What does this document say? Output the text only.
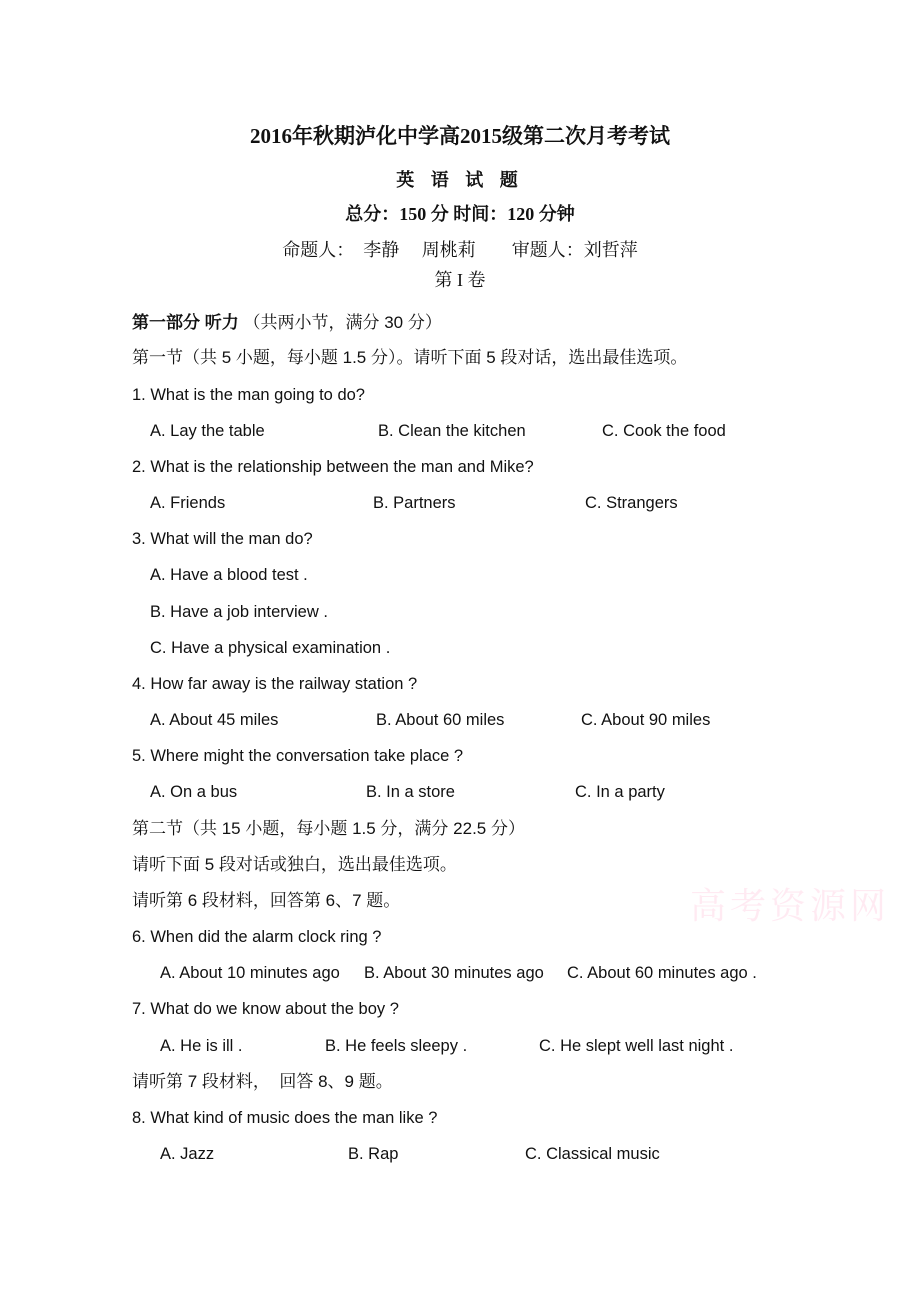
2016年秋期泸化中学高2015级第二次月考考试
英 语 试 题
总分：150 分 时间：120 分钟
命题人：  李静     周桃莉        审题人：刘哲萍
第 I 卷
第一部分 听力 （共两小节，满分 30 分）
第一节（共 5 小题，每小题 1.5 分）。请听下面 5 段对话，选出最佳选项。
1. What is the man going to do?
A. Lay the table	B. Clean the kitchen	C. Cook the food
2. What is the relationship between the man and Mike?
A. Friends	B. Partners	C. Strangers
3. What will the man do?
A. Have a blood test .
B. Have a job interview .
C. Have a physical examination .
4. How far away is the railway station ?
A. About 45 miles	B. About 60 miles	C. About 90 miles
5. Where might the conversation take place ?
A. On a bus	B. In a store	C. In a party
第二节（共 15 小题，每小题 1.5 分，满分 22.5 分）
请听下面 5 段对话或独白，选出最佳选项。
请听第 6 段材料，回答第 6、7 题。	高考资源网
6. When did the alarm clock ring ?
A. About 10 minutes ago B. About 30 minutes ago C. About 60 minutes ago .
7. What do we know about the boy ?
A. He is ill .	B. He feels sleepy .	C. He slept well last night .
请听第 7 段材料，  回答 8、9 题。
8. What kind of music does the man like ?
A. Jazz	B. Rap	C. Classical music
